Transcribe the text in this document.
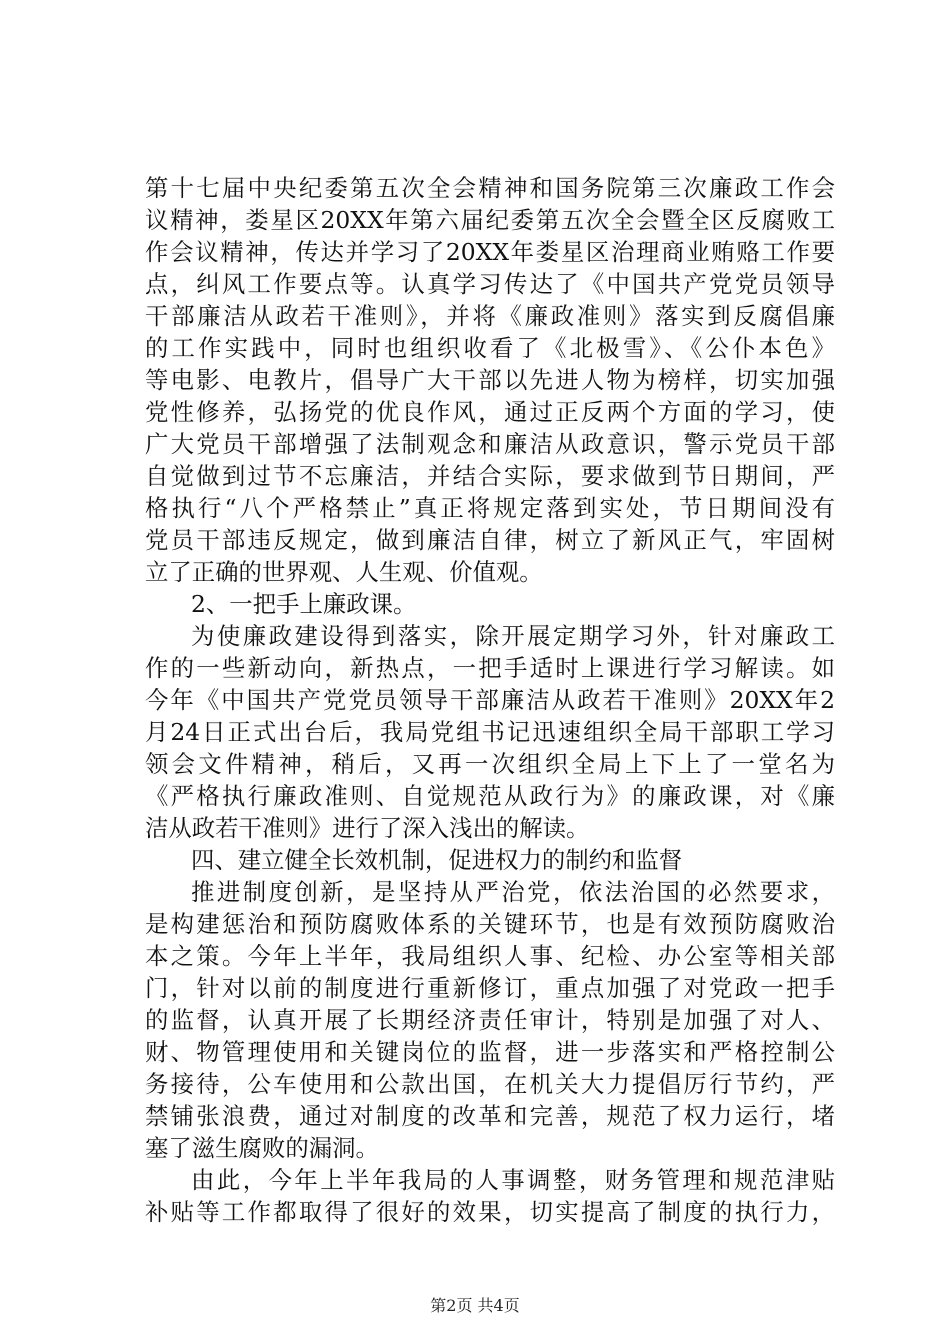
第十七届中央纪委第五次全会精神和国务院第三次廉政工作会
议精神，娄星区20XX年第六届纪委第五次全会暨全区反腐败工
作会议精神，传达并学习了20XX年娄星区治理商业贿赂工作要
点，纠风工作要点等。认真学习传达了《中国共产党党员领导
干部廉洁从政若干准则》，并将《廉政准则》落实到反腐倡廉
的工作实践中，同时也组织收看了《北极雪》、《公仆本色》
等电影、电教片，倡导广大干部以先进人物为榜样，切实加强
党性修养，弘扬党的优良作风，通过正反两个方面的学习，使
广大党员干部增强了法制观念和廉洁从政意识，警示党员干部
自觉做到过节不忘廉洁，并结合实际，要求做到节日期间，严
格执行“八个严格禁止”真正将规定落到实处，节日期间没有
党员干部违反规定，做到廉洁自律，树立了新风正气，牢固树
立了正确的世界观、人生观、价值观。
2、一把手上廉政课。
为使廉政建设得到落实，除开展定期学习外，针对廉政工
作的一些新动向，新热点，一把手适时上课进行学习解读。如
今年《中国共产党党员领导干部廉洁从政若干准则》20XX年2
月24日正式出台后，我局党组书记迅速组织全局干部职工学习
领会文件精神，稍后，又再一次组织全局上下上了一堂名为
《严格执行廉政准则、自觉规范从政行为》的廉政课，对《廉
洁从政若干准则》进行了深入浅出的解读。
四、建立健全长效机制，促进权力的制约和监督
推进制度创新，是坚持从严治党，依法治国的必然要求，
是构建惩治和预防腐败体系的关键环节，也是有效预防腐败治
本之策。今年上半年，我局组织人事、纪检、办公室等相关部
门，针对以前的制度进行重新修订，重点加强了对党政一把手
的监督，认真开展了长期经济责任审计，特别是加强了对人、
财、物管理使用和关键岗位的监督，进一步落实和严格控制公
务接待，公车使用和公款出国，在机关大力提倡厉行节约，严
禁铺张浪费，通过对制度的改革和完善，规范了权力运行，堵
塞了滋生腐败的漏洞。
由此，今年上半年我局的人事调整，财务管理和规范津贴
补贴等工作都取得了很好的效果，切实提高了制度的执行力，
第2页 共4页
